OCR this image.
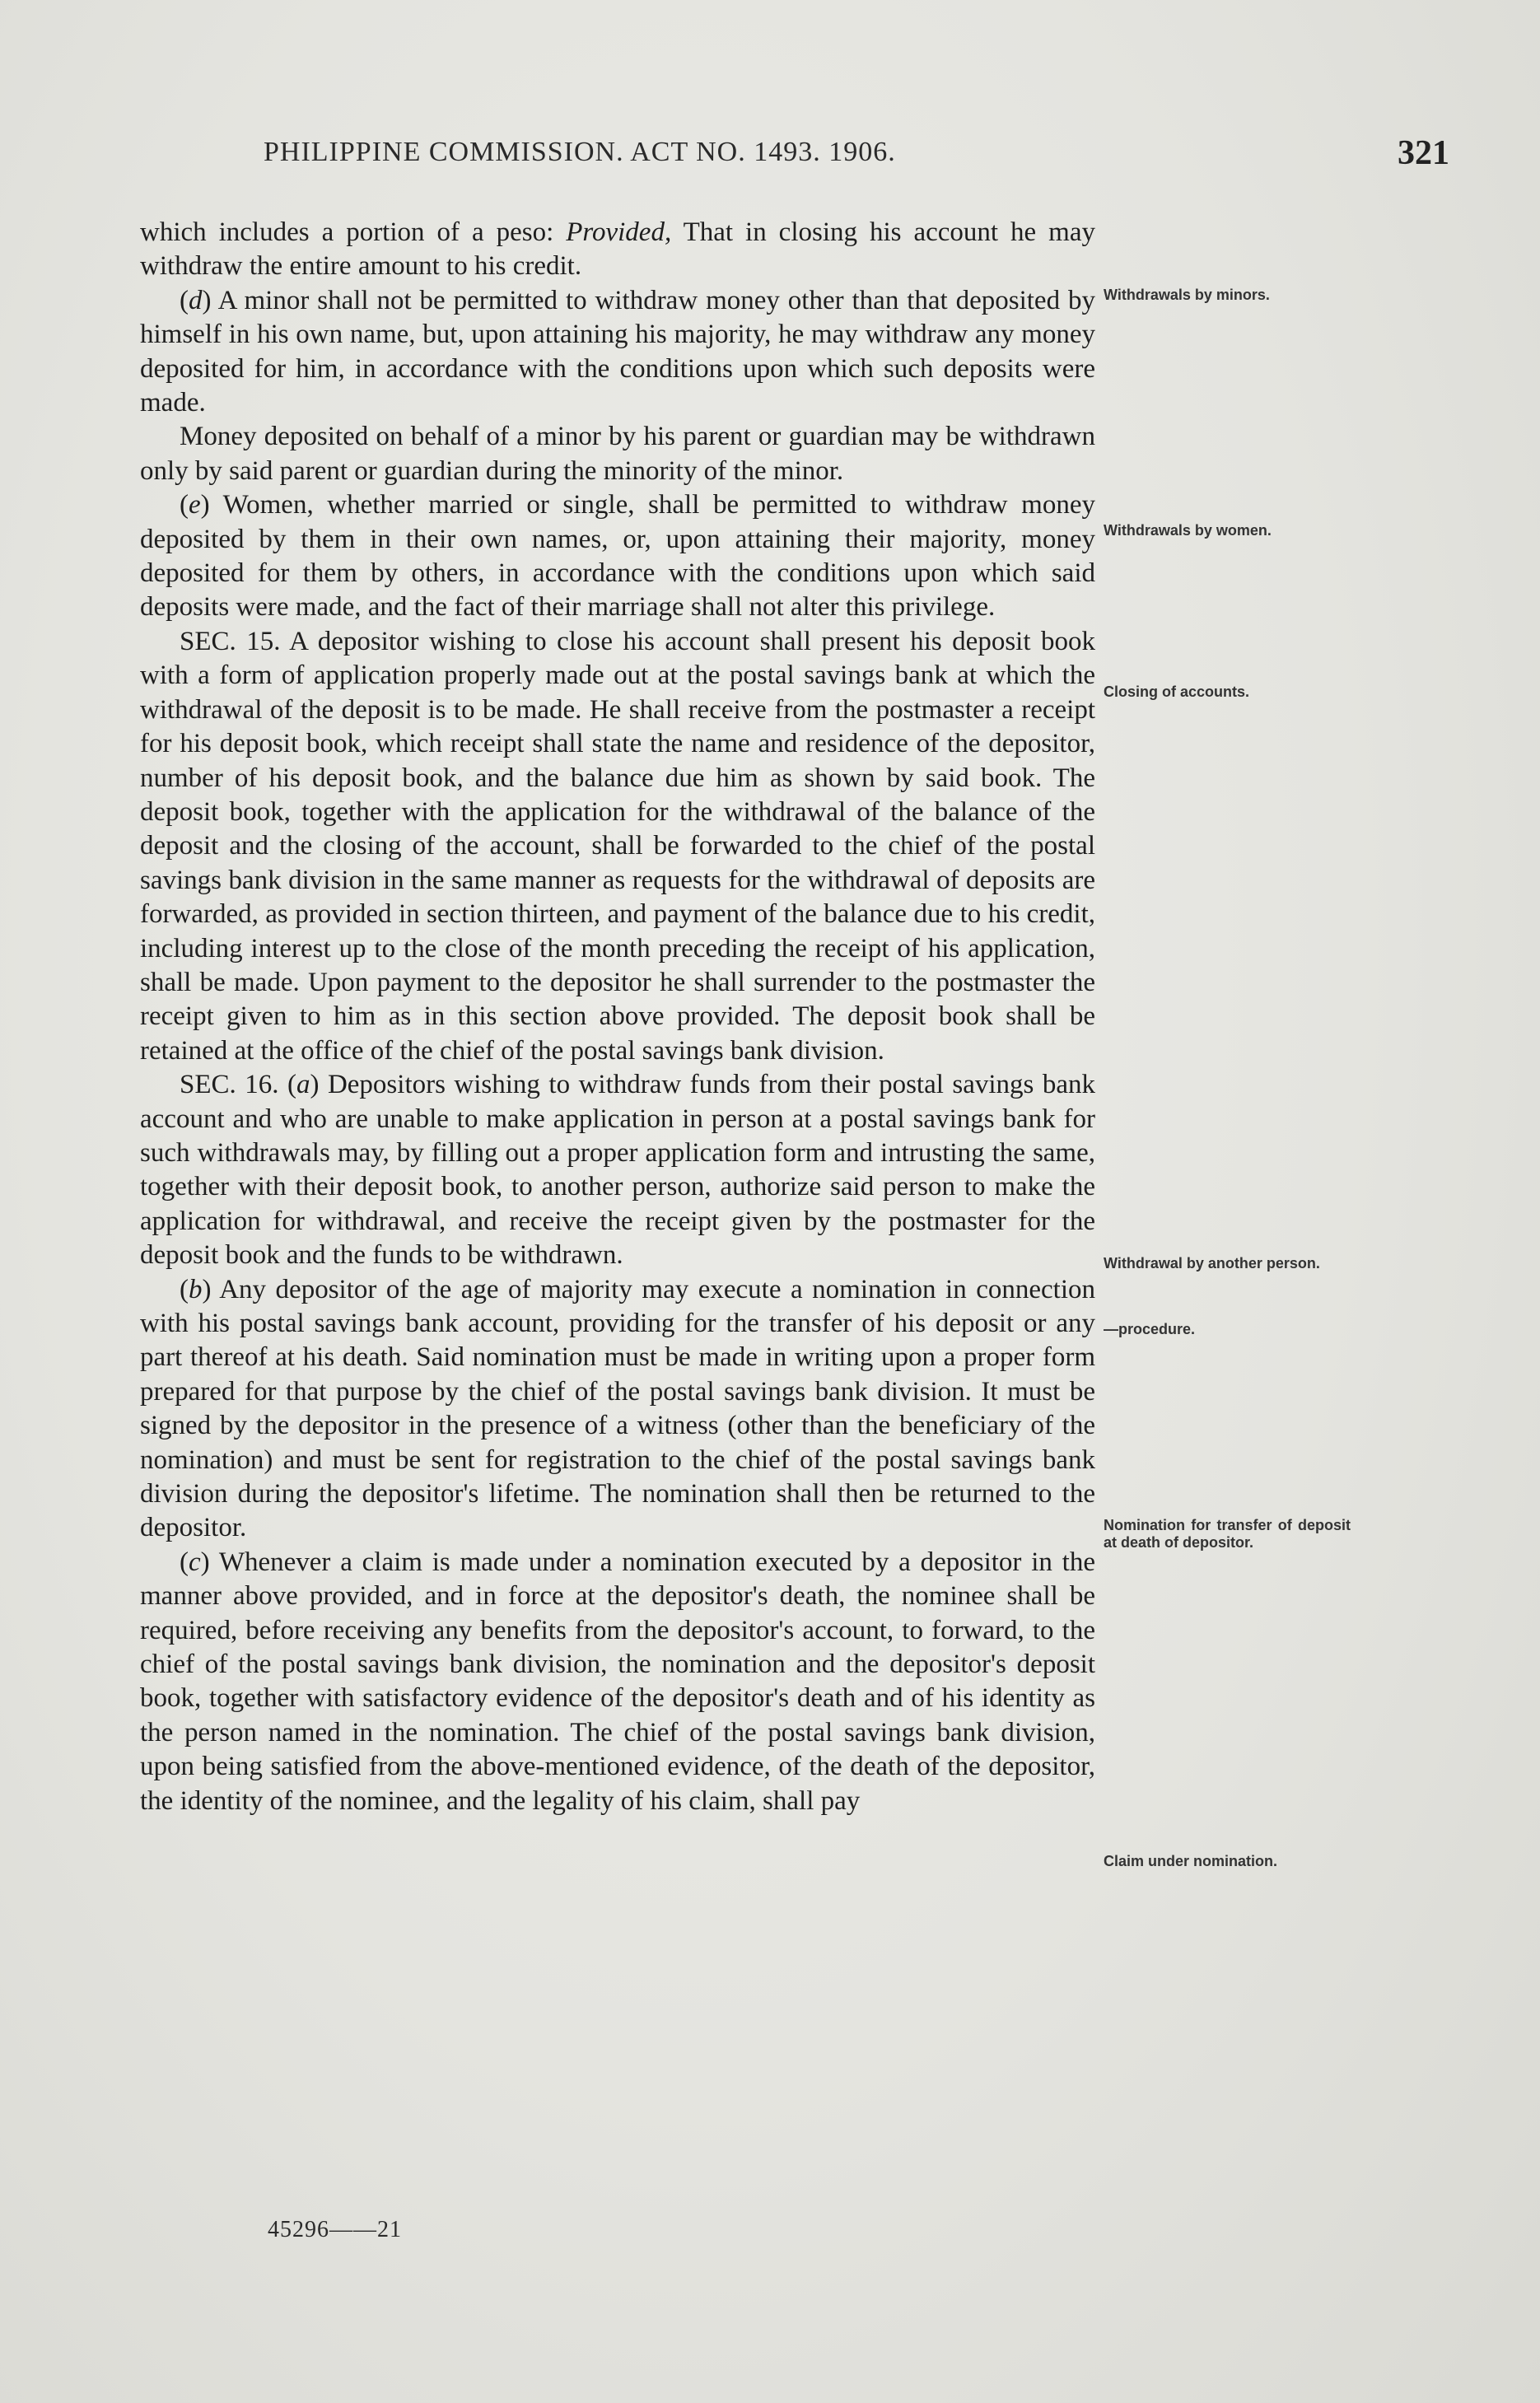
PHILIPPINE COMMISSION. ACT NO. 1493. 1906.	321

which includes a portion of a peso: Provided, That in closing his account he may withdraw the entire amount to his credit.

(d) A minor shall not be permitted to withdraw money other than that deposited by himself in his own name, but, upon attaining his majority, he may withdraw any money deposited for him, in accordance with the conditions upon which such deposits were made.

Money deposited on behalf of a minor by his parent or guardian may be withdrawn only by said parent or guardian during the minority of the minor.

(e) Women, whether married or single, shall be permitted to withdraw money deposited by them in their own names, or, upon attaining their majority, money deposited for them by others, in accordance with the conditions upon which said deposits were made, and the fact of their marriage shall not alter this privilege.

SEC. 15. A depositor wishing to close his account shall present his deposit book with a form of application properly made out at the postal savings bank at which the withdrawal of the deposit is to be made. He shall receive from the postmaster a receipt for his deposit book, which receipt shall state the name and residence of the depositor, number of his deposit book, and the balance due him as shown by said book. The deposit book, together with the application for the withdrawal of the balance of the deposit and the closing of the account, shall be forwarded to the chief of the postal savings bank division in the same manner as requests for the withdrawal of deposits are forwarded, as provided in section thirteen, and payment of the balance due to his credit, including interest up to the close of the month preceding the receipt of his application, shall be made. Upon payment to the depositor he shall surrender to the postmaster the receipt given to him as in this section above provided. The deposit book shall be retained at the office of the chief of the postal savings bank division.

SEC. 16. (a) Depositors wishing to withdraw funds from their postal savings bank account and who are unable to make application in person at a postal savings bank for such withdrawals may, by filling out a proper application form and intrusting the same, together with their deposit book, to another person, authorize said person to make the application for withdrawal, and receive the receipt given by the postmaster for the deposit book and the funds to be withdrawn.

(b) Any depositor of the age of majority may execute a nomination in connection with his postal savings bank account, providing for the transfer of his deposit or any part thereof at his death. Said nomination must be made in writing upon a proper form prepared for that purpose by the chief of the postal savings bank division. It must be signed by the depositor in the presence of a witness (other than the beneficiary of the nomination) and must be sent for registration to the chief of the postal savings bank division during the depositor's lifetime. The nomination shall then be returned to the depositor.

(c) Whenever a claim is made under a nomination executed by a depositor in the manner above provided, and in force at the depositor's death, the nominee shall be required, before receiving any benefits from the depositor's account, to forward, to the chief of the postal savings bank division, the nomination and the depositor's deposit book, together with satisfactory evidence of the depositor's death and of his identity as the person named in the nomination. The chief of the postal savings bank division, upon being satisfied from the above-mentioned evidence, of the death of the depositor, the identity of the nominee, and the legality of his claim, shall pay

Withdrawals by minors.
Withdrawals by women.
Closing of accounts.
Withdrawal by another person.
—procedure.
Nomination for transfer of deposit at death of depositor.
Claim under nomination.
45296——21
